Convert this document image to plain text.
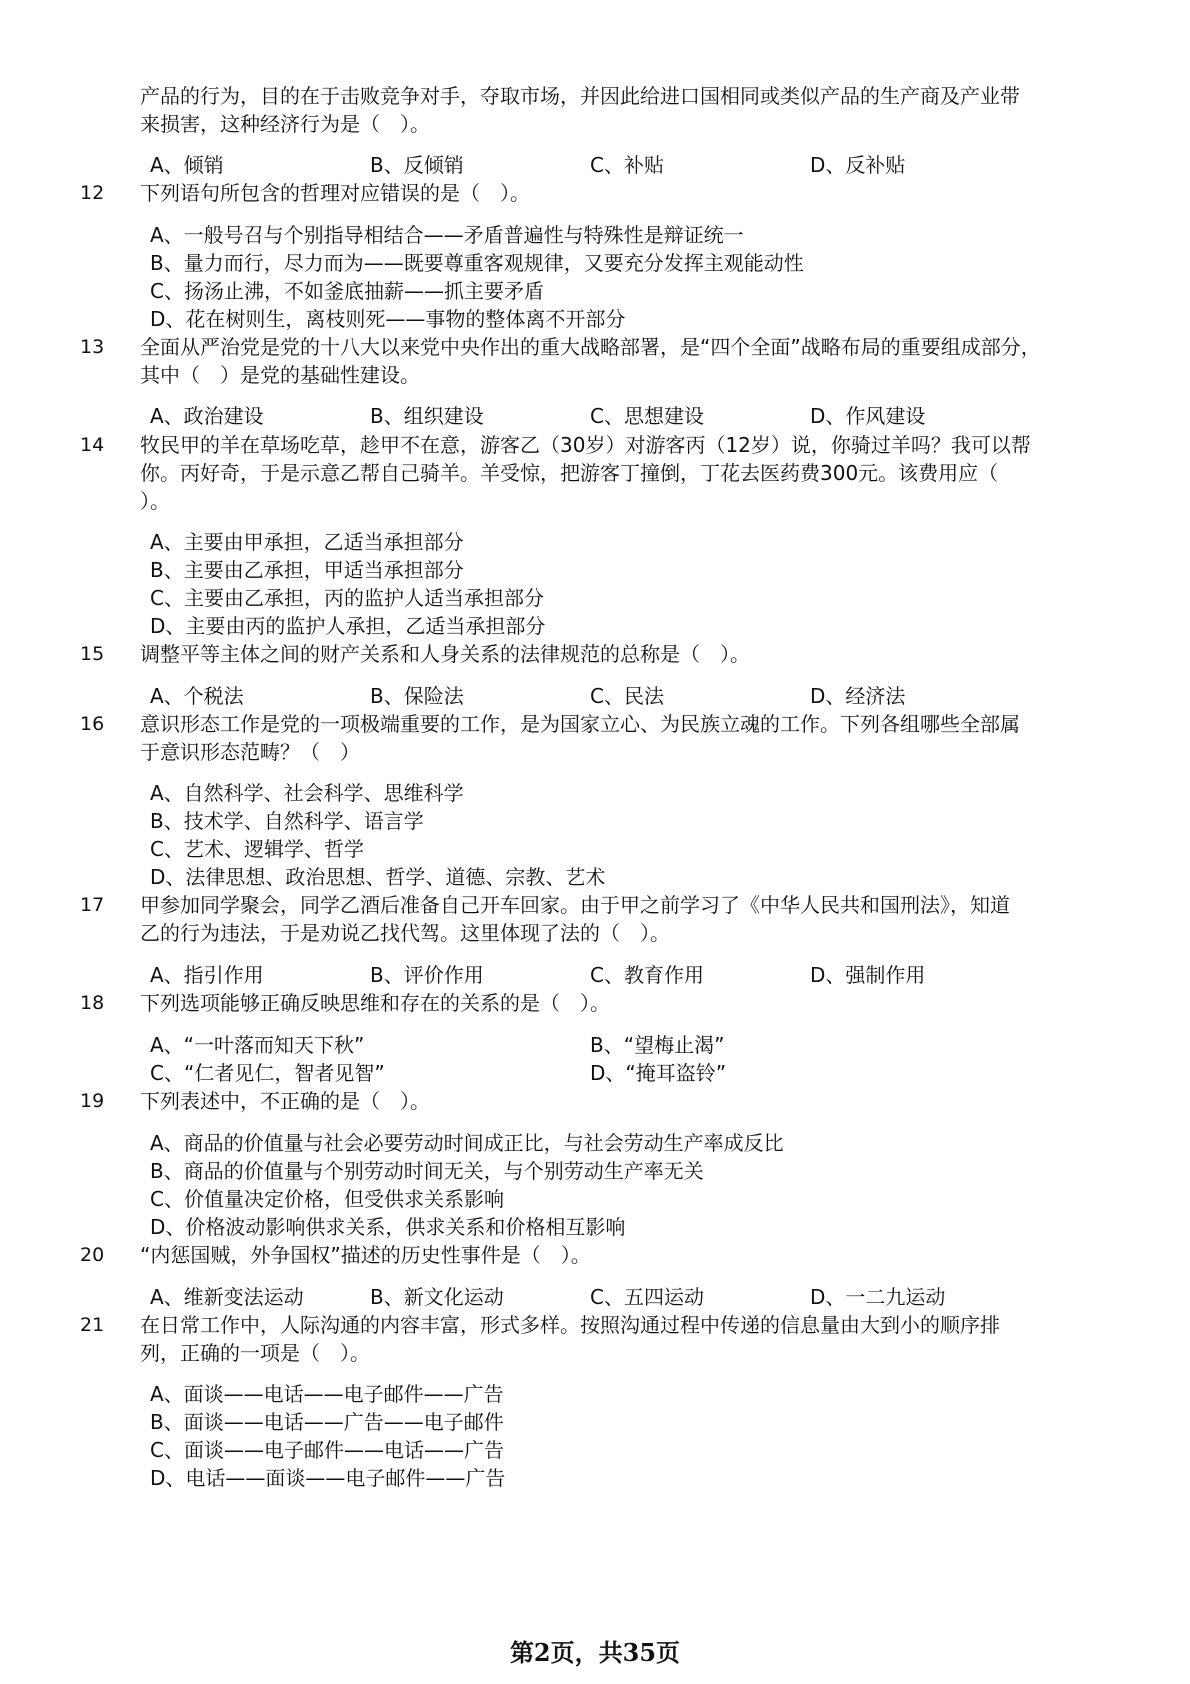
产品的行为，目的在于击败竞争对手，夺取市场，并因此给进口国相同或类似产品的生产商及产业带
来损害，这种经济行为是（　）。
A、倾销	B、反倾销	C、补贴	D、反补贴
12 下列语句所包含的哲理对应错误的是（　）。
A、一般号召与个别指导相结合——矛盾普遍性与特殊性是辩证统一
B、量力而行，尽力而为——既要尊重客观规律，又要充分发挥主观能动性
C、扬汤止沸，不如釜底抽薪——抓主要矛盾
D、花在树则生，离枝则死——事物的整体离不开部分
13 全面从严治党是党的十八大以来党中央作出的重大战略部署，是“四个全面”战略布局的重要组成部分，
其中（　）是党的基础性建设。
A、政治建设	B、组织建设	C、思想建设	D、作风建设
14 牧民甲的羊在草场吃草，趁甲不在意，游客乙（30岁）对游客丙（12岁）说，你骑过羊吗？我可以帮
你。丙好奇，于是示意乙帮自己骑羊。羊受惊，把游客丁撞倒，丁花去医药费300元。该费用应（
）。
A、主要由甲承担，乙适当承担部分
B、主要由乙承担，甲适当承担部分
C、主要由乙承担，丙的监护人适当承担部分
D、主要由丙的监护人承担，乙适当承担部分
15 调整平等主体之间的财产关系和人身关系的法律规范的总称是（　）。
A、个税法	B、保险法	C、民法	D、经济法
16 意识形态工作是党的一项极端重要的工作，是为国家立心、为民族立魂的工作。下列各组哪些全部属
于意识形态范畴？（　）
A、自然科学、社会科学、思维科学
B、技术学、自然科学、语言学
C、艺术、逻辑学、哲学
D、法律思想、政治思想、哲学、道德、宗教、艺术
17 甲参加同学聚会，同学乙酒后准备自己开车回家。由于甲之前学习了《中华人民共和国刑法》，知道
乙的行为违法，于是劝说乙找代驾。这里体现了法的（　）。
A、指引作用	B、评价作用	C、教育作用	D、强制作用
18 下列选项能够正确反映思维和存在的关系的是（　）。
A、“一叶落而知天下秋”	B、“望梅止渴”
C、“仁者见仁，智者见智”	D、“掩耳盗铃”
19 下列表述中，不正确的是（　）。
A、商品的价值量与社会必要劳动时间成正比，与社会劳动生产率成反比
B、商品的价值量与个别劳动时间无关，与个别劳动生产率无关
C、价值量决定价格，但受供求关系影响
D、价格波动影响供求关系，供求关系和价格相互影响
20 “内惩国贼，外争国权”描述的历史性事件是（　）。
A、维新变法运动	B、新文化运动	C、五四运动	D、一二九运动
21 在日常工作中，人际沟通的内容丰富，形式多样。按照沟通过程中传递的信息量由大到小的顺序排
列，正确的一项是（　）。
A、面谈——电话——电子邮件——广告
B、面谈——电话——广告——电子邮件
C、面谈——电子邮件——电话——广告
D、电话——面谈——电子邮件——广告
第2页，共35页
